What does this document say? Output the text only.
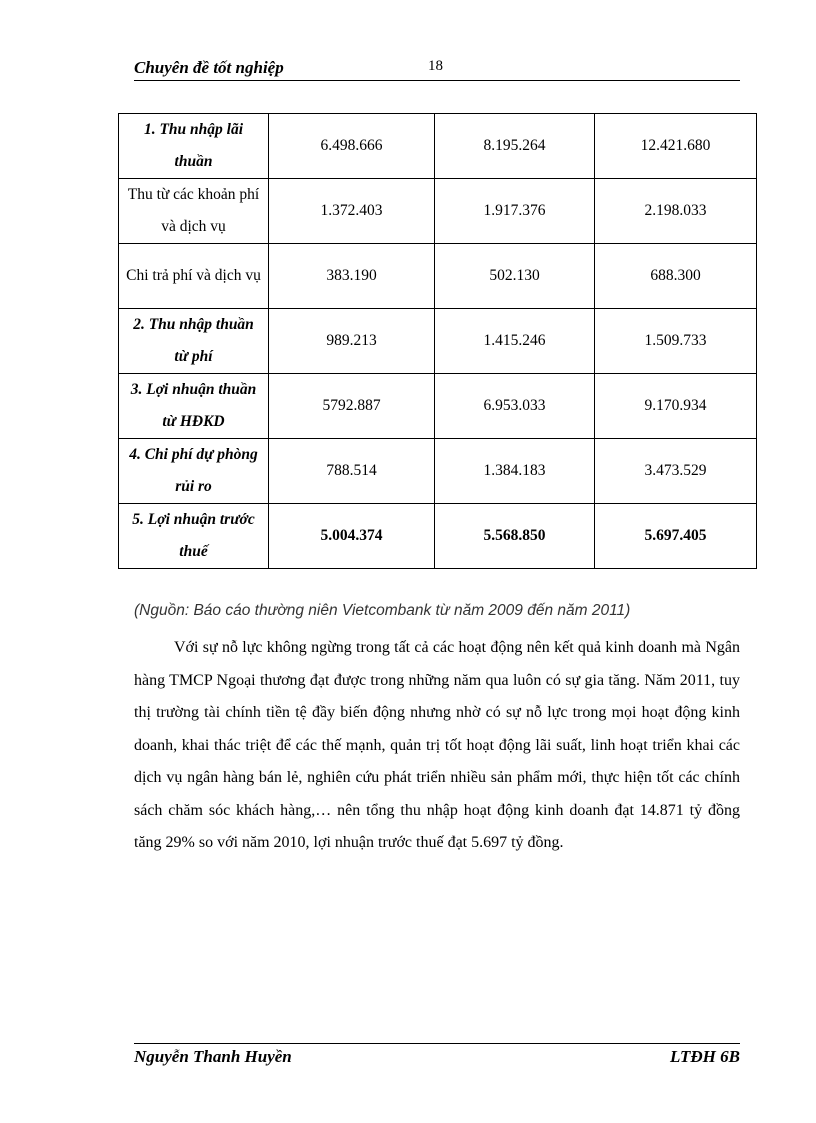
Chuyên đề tốt nghiệp	18
1. Thu nhập lãi thuần	6.498.666	8.195.264	12.421.680
Thu từ các khoản phí và dịch vụ	1.372.403	1.917.376	2.198.033
Chi trả phí và dịch vụ	383.190	502.130	688.300
2. Thu nhập thuần từ phí	989.213	1.415.246	1.509.733
3. Lợi nhuận thuần từ HĐKD	5792.887	6.953.033	9.170.934
4. Chi phí dự phòng rủi ro	788.514	1.384.183	3.473.529
5. Lợi nhuận trước thuế	5.004.374	5.568.850	5.697.405
(Nguồn: Báo cáo thường niên Vietcombank từ năm 2009 đến năm 2011)

Với sự nỗ lực không ngừng trong tất cả các hoạt động nên kết quả kinh doanh mà Ngân hàng TMCP Ngoại thương đạt được trong những năm qua luôn có sự gia tăng. Năm 2011, tuy thị trường tài chính tiền tệ đầy biến động nhưng nhờ có sự nỗ lực trong mọi hoạt động kinh doanh, khai thác triệt để các thế mạnh, quản trị tốt hoạt động lãi suất, linh hoạt triển khai các dịch vụ ngân hàng bán lẻ, nghiên cứu phát triển nhiều sản phẩm mới, thực hiện tốt các chính sách chăm sóc khách hàng,… nên tổng thu nhập hoạt động kinh doanh đạt 14.871 tỷ đồng tăng 29% so với năm 2010, lợi nhuận trước thuế đạt 5.697 tỷ đồng.

Nguyễn Thanh Huyền	LTĐH 6B
